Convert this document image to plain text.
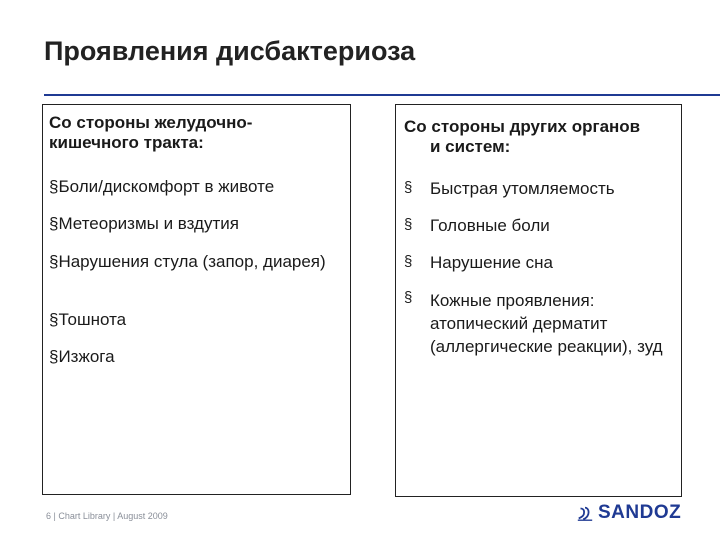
Проявления дисбактериоза
Со стороны желудочно-
кишечного тракта:
§Боли/дискомфорт в животе
§Метеоризмы и вздутия
§Нарушения стула (запор, диарея)
§Тошнота
§Изжога
Со стороны других органов
и систем:
§ Быстрая утомляемость
§ Головные боли
§ Нарушение сна
§ Кожные проявления: атопический дерматит (аллергические реакции), зуд
6 | Chart Library | August 2009	SANDOZ
